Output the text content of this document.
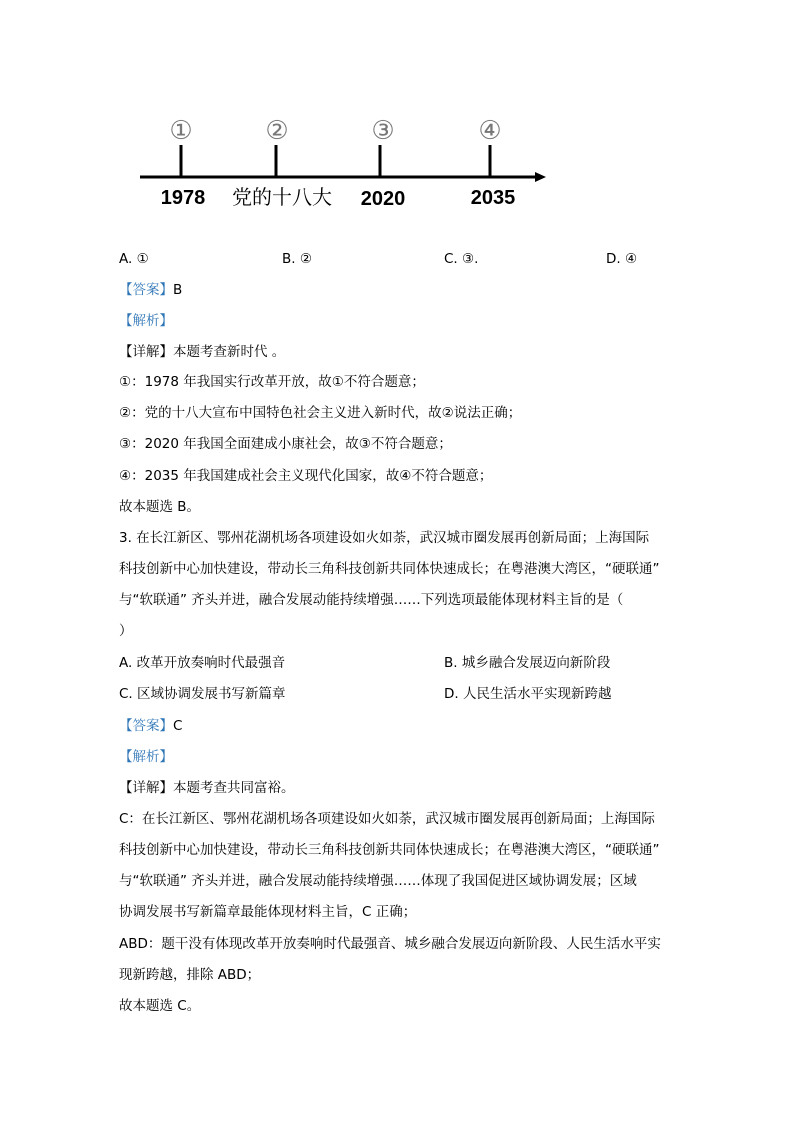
①	②	③	④
1978 党的十八大 2020	2035
A. ①	B. ②	C. ③.	D. ④
【答案】B
【解析】
【详解】本题考查新时代 。
①：1978 年我国实行改革开放，故①不符合题意；
②：党的十八大宣布中国特色社会主义进入新时代，故②说法正确；
③：2020 年我国全面建成小康社会，故③不符合题意；
④：2035 年我国建成社会主义现代化国家，故④不符合题意；
故本题选 B。
3. 在长江新区、鄂州花湖机场各项建设如火如荼，武汉城市圈发展再创新局面；上海国际
科技创新中心加快建设，带动长三角科技创新共同体快速成长；在粤港澳大湾区，“硬联通”
与“软联通” 齐头并进，融合发展动能持续增强……下列选项最能体现材料主旨的是（
）
A. 改革开放奏响时代最强音	B. 城乡融合发展迈向新阶段
C. 区域协调发展书写新篇章	D. 人民生活水平实现新跨越
【答案】C
【解析】
【详解】本题考查共同富裕。
C：在长江新区、鄂州花湖机场各项建设如火如荼，武汉城市圈发展再创新局面；上海国际
科技创新中心加快建设，带动长三角科技创新共同体快速成长；在粤港澳大湾区，“硬联通”
与“软联通” 齐头并进，融合发展动能持续增强……体现了我国促进区域协调发展；区域
协调发展书写新篇章最能体现材料主旨，C 正确；
ABD：题干没有体现改革开放奏响时代最强音、城乡融合发展迈向新阶段、人民生活水平实
现新跨越，排除 ABD；
故本题选 C。
